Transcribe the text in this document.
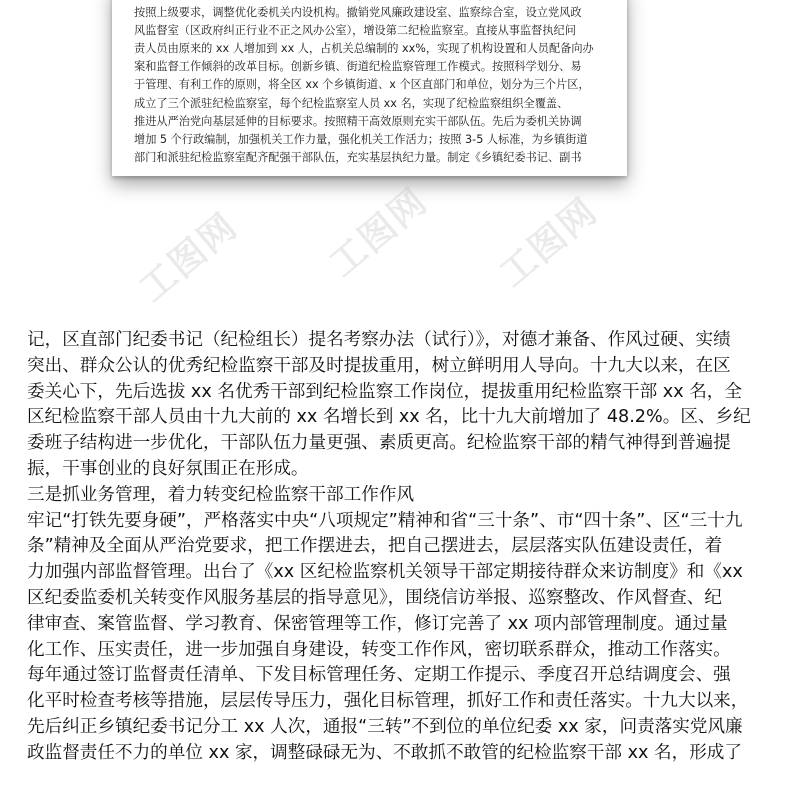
按照上级要求，调整优化委机关内设机构。撤销党风廉政建设室、监察综合室，设立党风政

风监督室（区政府纠正行业不正之风办公室），增设第二纪检监察室。直接从事监督执纪问

责人员由原来的 xx 人增加到 xx 人，占机关总编制的 xx%，实现了机构设置和人员配备向办

案和监督工作倾斜的改革目标。创新乡镇、街道纪检监察管理工作模式。按照科学划分、易

于管理、有利工作的原则，将全区 xx 个乡镇街道、x 个区直部门和单位，划分为三个片区，

成立了三个派驻纪检监察室，每个纪检监察室人员 xx 名，实现了纪检监察组织全覆盖、

推进从严治党向基层延伸的目标要求。按照精干高效原则充实干部队伍。先后为委机关协调

增加 5 个行政编制，加强机关工作力量，强化机关工作活力；按照 3-5 人标准，为乡镇街道

部门和派驻纪检监察室配齐配强干部队伍，充实基层执纪力量。制定《乡镇纪委书记、副书

工图网 工图网 工图网

记，区直部门纪委书记（纪检组长）提名考察办法（试行）》，对德才兼备、作风过硬、实绩

突出、群众公认的优秀纪检监察干部及时提拔重用，树立鲜明用人导向。十九大以来，在区

委关心下，先后选拔 xx 名优秀干部到纪检监察工作岗位，提拔重用纪检监察干部 xx 名，全

区纪检监察干部人员由十九大前的 xx 名增长到 xx 名，比十九大前增加了 48.2%。区、乡纪

委班子结构进一步优化，干部队伍力量更强、素质更高。纪检监察干部的精气神得到普遍提

振，干事创业的良好氛围正在形成。

三是抓业务管理，着力转变纪检监察干部工作作风

牢记“打铁先要身硬”，严格落实中央“八项规定”精神和省“三十条”、市“四十条”、区“三十九

条”精神及全面从严治党要求，把工作摆进去，把自己摆进去，层层落实队伍建设责任，着

力加强内部监督管理。出台了《xx 区纪检监察机关领导干部定期接待群众来访制度》和《xx

区纪委监委机关转变作风服务基层的指导意见》，围绕信访举报、巡察整改、作风督查、纪

律审查、案管监督、学习教育、保密管理等工作，修订完善了 xx 项内部管理制度。通过量

化工作、压实责任，进一步加强自身建设，转变工作作风，密切联系群众，推动工作落实。

每年通过签订监督责任清单、下发目标管理任务、定期工作提示、季度召开总结调度会、强

化平时检查考核等措施，层层传导压力，强化目标管理，抓好工作和责任落实。十九大以来，

先后纠正乡镇纪委书记分工 xx 人次，通报“三转”不到位的单位纪委 xx 家，问责落实党风廉

政监督责任不力的单位 xx 家，调整碌碌无为、不敢抓不敢管的纪检监察干部 xx 名，形成了
